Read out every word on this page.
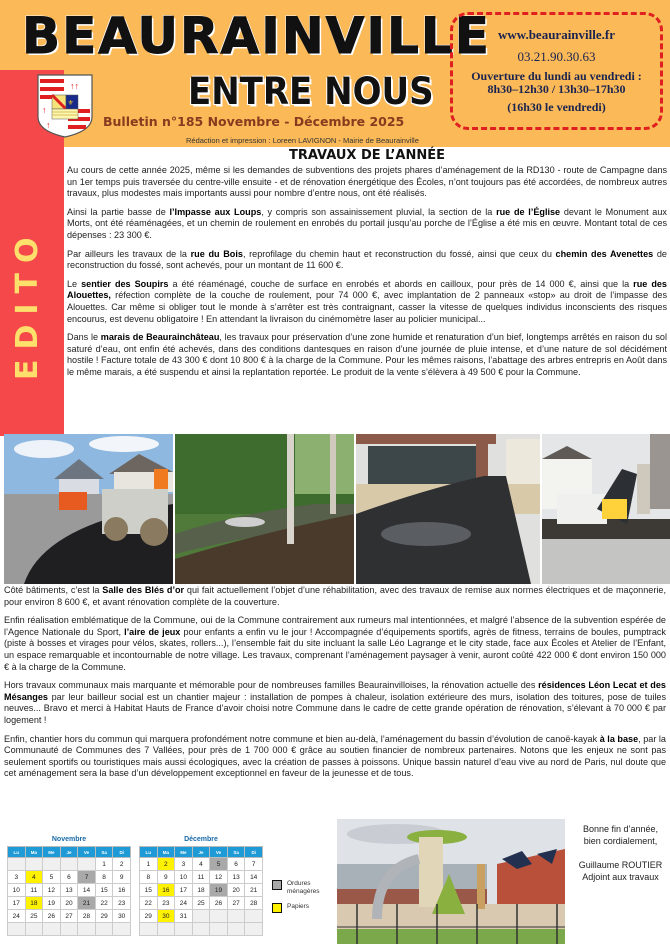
EDITO
BEAURAINVILLE
ENTRE NOUS
Bulletin n°185 Novembre - Décembre 2025
Rédaction et impression : Loreen LAVIGNON - Mairie de Beaurainville
↑↑
↑
↑
⚜
www.beaurainville.fr
03.21.90.30.63
Ouverture du lundi au vendredi :
8h30–12h30 / 13h30–17h30
(16h30 le vendredi)
TRAVAUX DE L’ANNÉE

Au cours de cette année 2025, même si les demandes de subventions des projets phares d’aménagement de la RD130 - route de Campagne dans un 1er temps puis traversée du centre-ville ensuite - et de rénovation énergétique des Écoles, n’ont toujours pas été accordées, de nombreux autres travaux, plus modestes mais importants aussi pour nombre d’entre nous, ont été réalisés.

Ainsi la partie basse de l’Impasse aux Loups, y compris son assainissement pluvial, la section de la rue de l’Église devant le Monument aux Morts, ont été réaménagées, et un chemin de roulement en enrobés du portail jusqu’au porche de l’Église a été mis en œuvre. Montant total de ces dépenses : 23 300 €.

Par ailleurs les travaux de la rue du Bois, reprofilage du chemin haut et reconstruction du fossé, ainsi que ceux du chemin des Avenettes de reconstruction du fossé, sont achevés, pour un montant de 11 600 €.

Le sentier des Soupirs a été réaménagé, couche de surface en enrobés et abords en cailloux, pour près de 14 000 €, ainsi que la rue des Alouettes, réfection complète de la couche de roulement, pour 74 000 €, avec implantation de 2 panneaux «stop» au droit de l’impasse des Alouettes. Car même si obliger tout le monde à s’arrêter est très contraignant, casser la vitesse de quelques individus inconscients des risques encourus, est devenu obligatoire ! En attendant la livraison du cinémomètre laser au policier municipal...

Dans le marais de Beaurainchâteau, les travaux pour préservation d’une zone humide et renaturation d’un bief, longtemps arrêtés en raison du sol saturé d’eau, ont enfin été achevés, dans des conditions dantesques en raison d’une journée de pluie intense, et d’une nature de sol décidément hostile ! Facture totale de 43 300 € dont 10 800 € à la charge de la Commune. Pour les mêmes raisons, l’abattage des arbres entrepris en Août dans le même marais, a été suspendu et ainsi la replantation reportée. Le produit de la vente s’élèvera à 49 500 € pour la Commune.

Côté bâtiments, c’est la Salle des Blés d’or qui fait actuellement l’objet d’une réhabilitation, avec des travaux de remise aux normes électriques et de maçonnerie, pour environ 8 600 €, et avant rénovation complète de la couverture.

Enfin réalisation emblématique de la Commune, oui de la Commune contrairement aux rumeurs mal intentionnées, et malgré l’absence de la subvention espérée de l’Agence Nationale du Sport, l’aire de jeux pour enfants a enfin vu le jour ! Accompagnée d’équipements sportifs, agrès de fitness, terrains de boules, pumptrack (piste à bosses et virages pour vélos, skates, rollers...), l’ensemble fait du site incluant la salle Léo Lagrange et le city stade, face aux Écoles et Atelier de l’Enfant, un espace remarquable et incontournable de notre village. Les travaux, comprenant l’aménagement paysager à venir, auront coûté 422 000 € dont environ 150 000 € à la charge de la Commune.

Hors travaux communaux mais marquante et mémorable pour de nombreuses familles Beaurainvilloises, la rénovation actuelle des résidences Léon Lecat et des Mésanges par leur bailleur social est un chantier majeur : installation de pompes à chaleur, isolation extérieure des murs, isolation des toitures, pose de tuiles neuves... Bravo et merci à Habitat Hauts de France d’avoir choisi notre Commune dans le cadre de cette grande opération de rénovation, s’élevant à 70 000 € par logement !

Enfin, chantier hors du commun qui marquera profondément notre commune et bien au-delà, l’aménagement du bassin d’évolution de canoë-kayak à la base, par la Communauté de Communes des 7 Vallées, pour près de 1 700 000 € grâce au soutien financier de nombreux partenaires. Notons que les enjeux ne sont pas seulement sportifs ou touristiques mais aussi écologiques, avec la création de passes à poissons. Unique bassin naturel d’eau vive au nord de Paris, nul doute que cet aménagement sera la base d’un développement exceptionnel en faveur de la jeunesse et de tous.

Novembre
Lu	Ma	Me	Je	Ve	Sa	Di
					1	2
3	4	5	6	7	8	9
10	11	12	13	14	15	16
17	18	19	20	21	22	23
24	25	26	27	28	29	30

Décembre
Lu	Ma	Me	Je	Ve	Sa	Di
1	2	3	4	5	6	7
8	9	10	11	12	13	14
15	16	17	18	19	20	21
22	23	24	25	26	27	28
29	30	31				

Ordures ménagères
Papiers
Bonne fin d’année,
bien cordialement,
Guillaume ROUTIER
Adjoint aux travaux
